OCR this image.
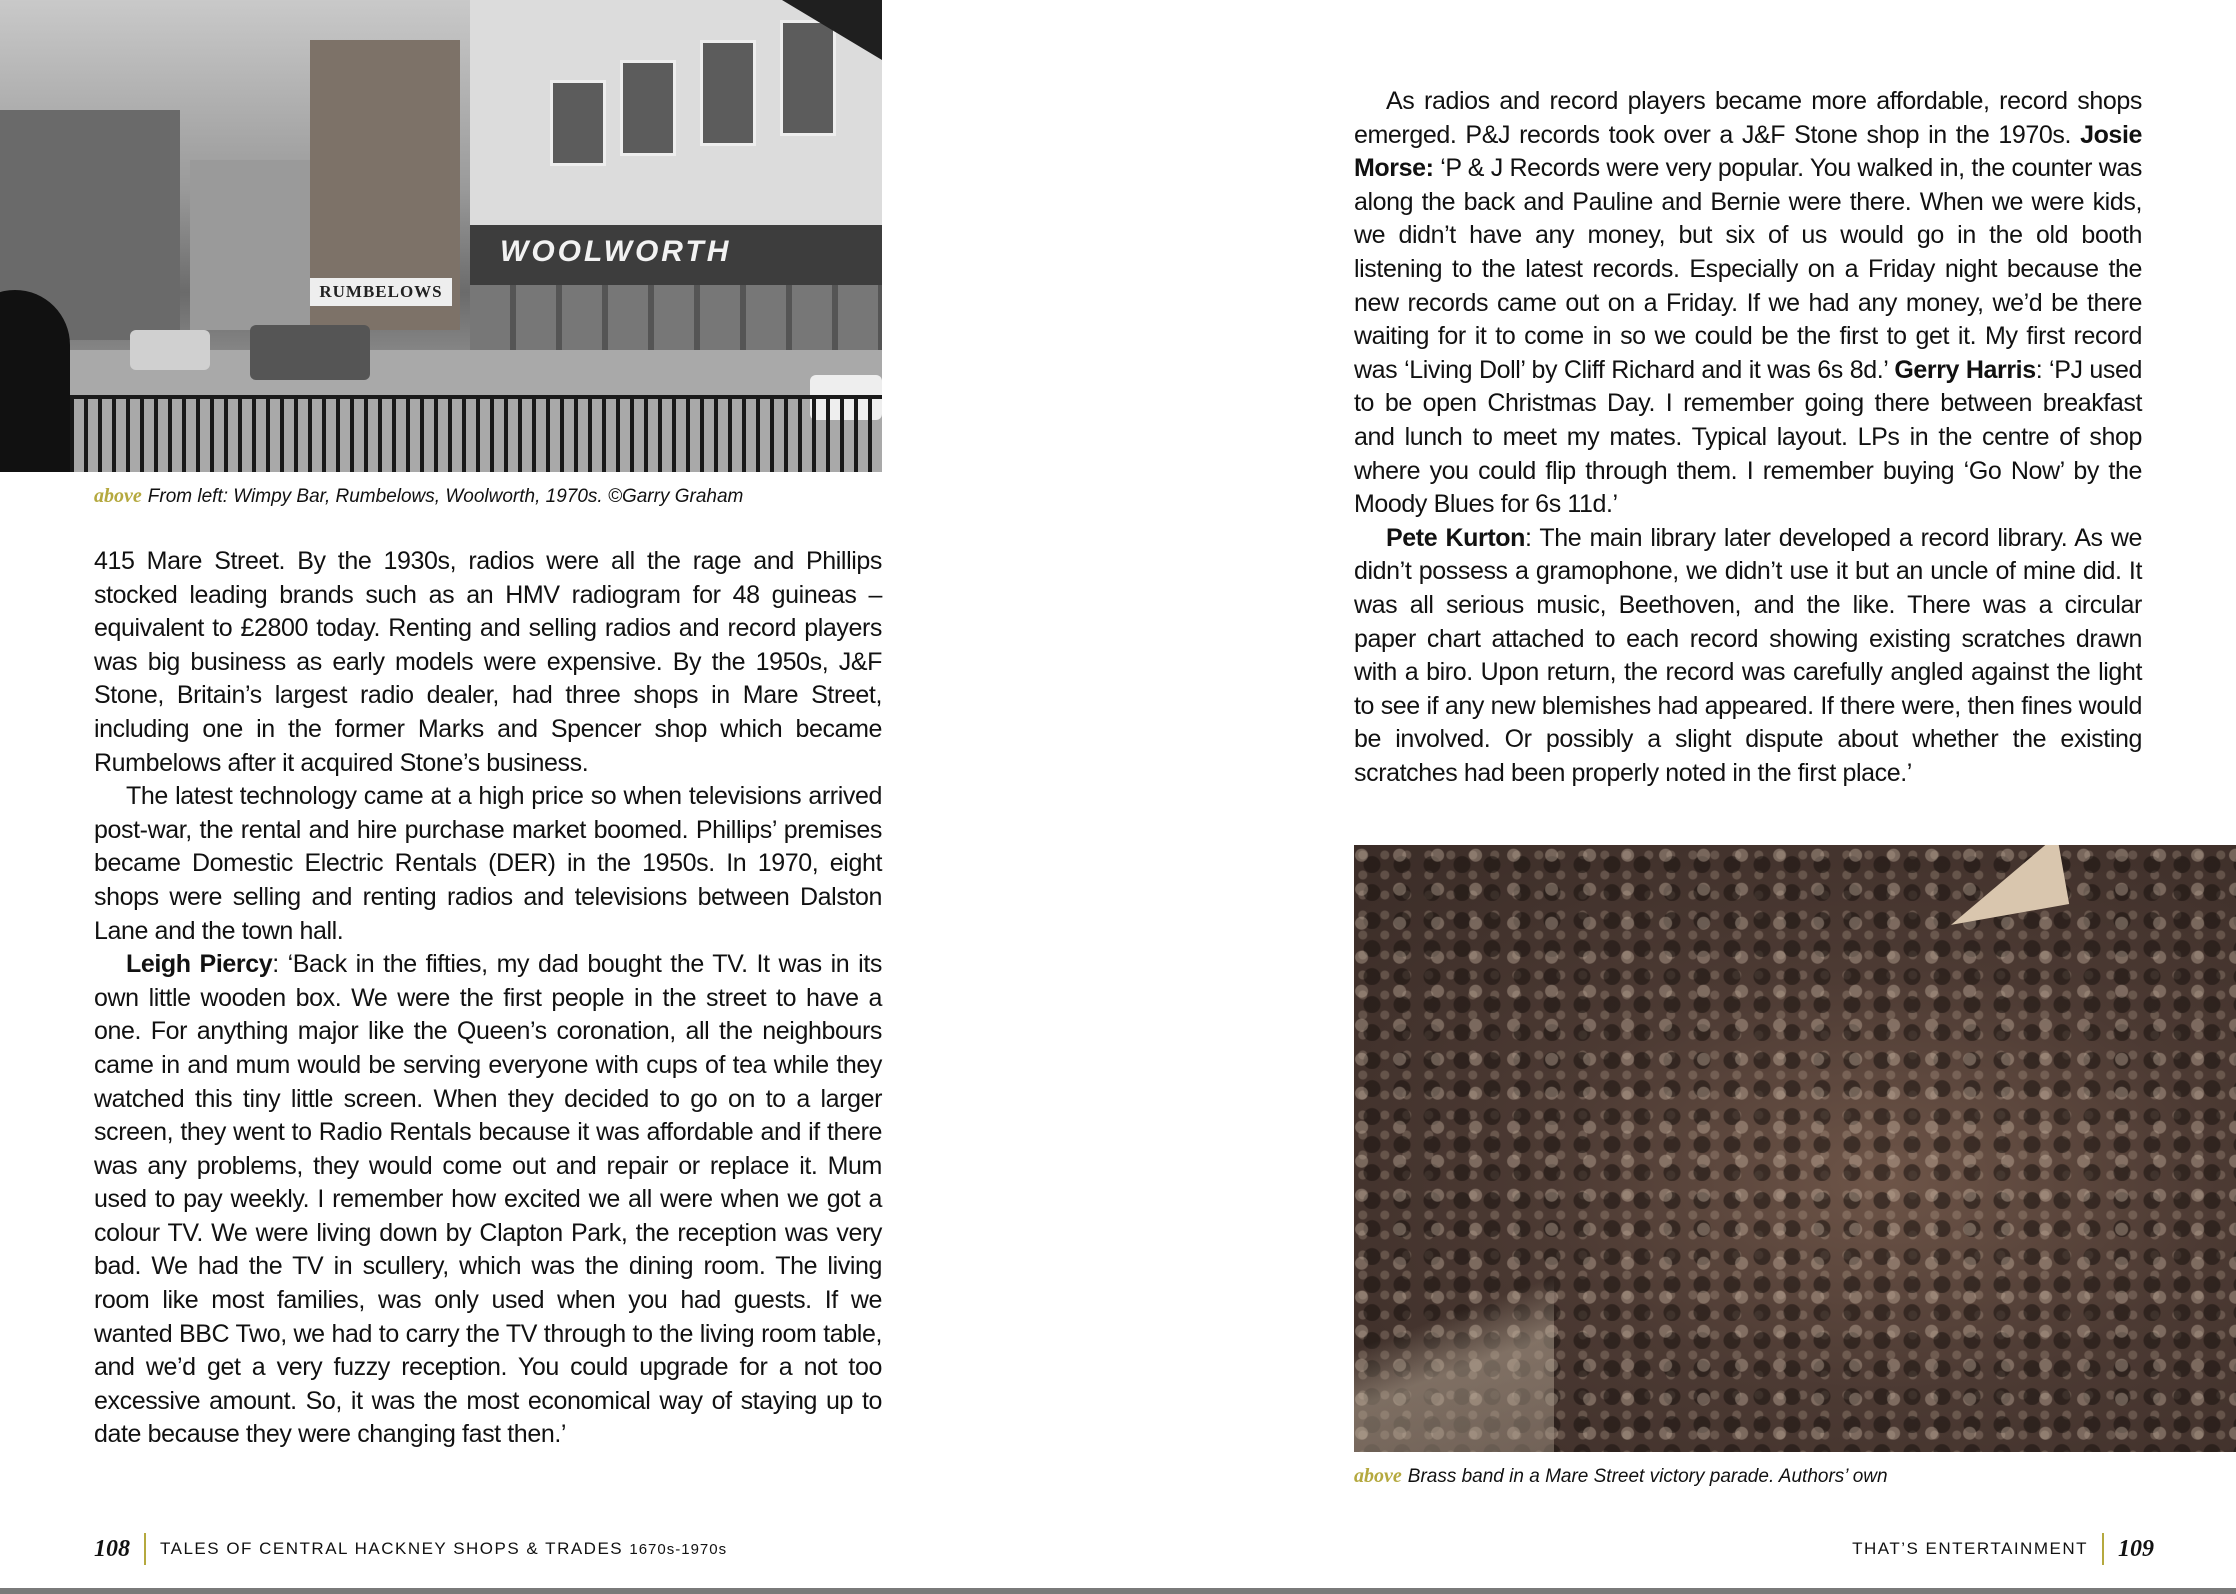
WOOLWORTH
RUMBELOWS
above From left: Wimpy Bar, Rumbelows, Woolworth, 1970s. ©Garry Graham

415 Mare Street. By the 1930s, radios were all the rage and Phillips stocked leading brands such as an HMV radiogram for 48 guineas – equivalent to £2800 today. Renting and selling radios and record players was big business as early models were expensive. By the 1950s, J&F Stone, Britain’s largest radio dealer, had three shops in Mare Street, including one in the former Marks and Spencer shop which became Rumbelows after it acquired Stone’s business.

The latest technology came at a high price so when televisions arrived post-war, the rental and hire purchase market boomed. Phillips’ premises became Domestic Electric Rentals (DER) in the 1950s. In 1970, eight shops were selling and renting radios and televisions between Dalston Lane and the town hall.

Leigh Piercy: ‘Back in the fifties, my dad bought the TV. It was in its own little wooden box. We were the first people in the street to have a one. For anything major like the Queen’s coronation, all the neighbours came in and mum would be serving everyone with cups of tea while they watched this tiny little screen. When they decided to go on to a larger screen, they went to Radio Rentals because it was affordable and if there was any problems, they would come out and repair or replace it. Mum used to pay weekly. I remember how excited we all were when we got a colour TV. We were living down by Clapton Park, the reception was very bad. We had the TV in scullery, which was the dining room. The living room like most families, was only used when you had guests. If we wanted BBC Two, we had to carry the TV through to the living room table, and we’d get a very fuzzy reception. You could upgrade for a not too excessive amount. So, it was the most economical way of staying up to date because they were changing fast then.’

108 TALES OF CENTRAL HACKNEY SHOPS & TRADES 1670s-1970s

As radios and record players became more affordable, record shops emerged. P&J records took over a J&F Stone shop in the 1970s. Josie Morse: ‘P & J Records were very popular. You walked in, the counter was along the back and Pauline and Bernie were there. When we were kids, we didn’t have any money, but six of us would go in the old booth listening to the latest records. Especially on a Friday night because the new records came out on a Friday. If we had any money, we’d be there waiting for it to come in so we could be the first to get it. My first record was ‘Living Doll’ by Cliff Richard and it was 6s 8d.’ Gerry Harris: ‘PJ used to be open Christmas Day. I remember going there between breakfast and lunch to meet my mates. Typical layout. LPs in the centre of shop where you could flip through them. I remember buying ‘Go Now’ by the Moody Blues for 6s 11d.’

Pete Kurton: The main library later developed a record library. As we didn’t possess a gramophone, we didn’t use it but an uncle of mine did. It was all serious music, Beethoven, and the like. There was a circular paper chart attached to each record showing existing scratches drawn with a biro. Upon return, the record was carefully angled against the light to see if any new blemishes had appeared. If there were, then fines would be involved. Or possibly a slight dispute about whether the existing scratches had been properly noted in the first place.’

above Brass band in a Mare Street victory parade. Authors’ own
THAT’S ENTERTAINMENT 109
